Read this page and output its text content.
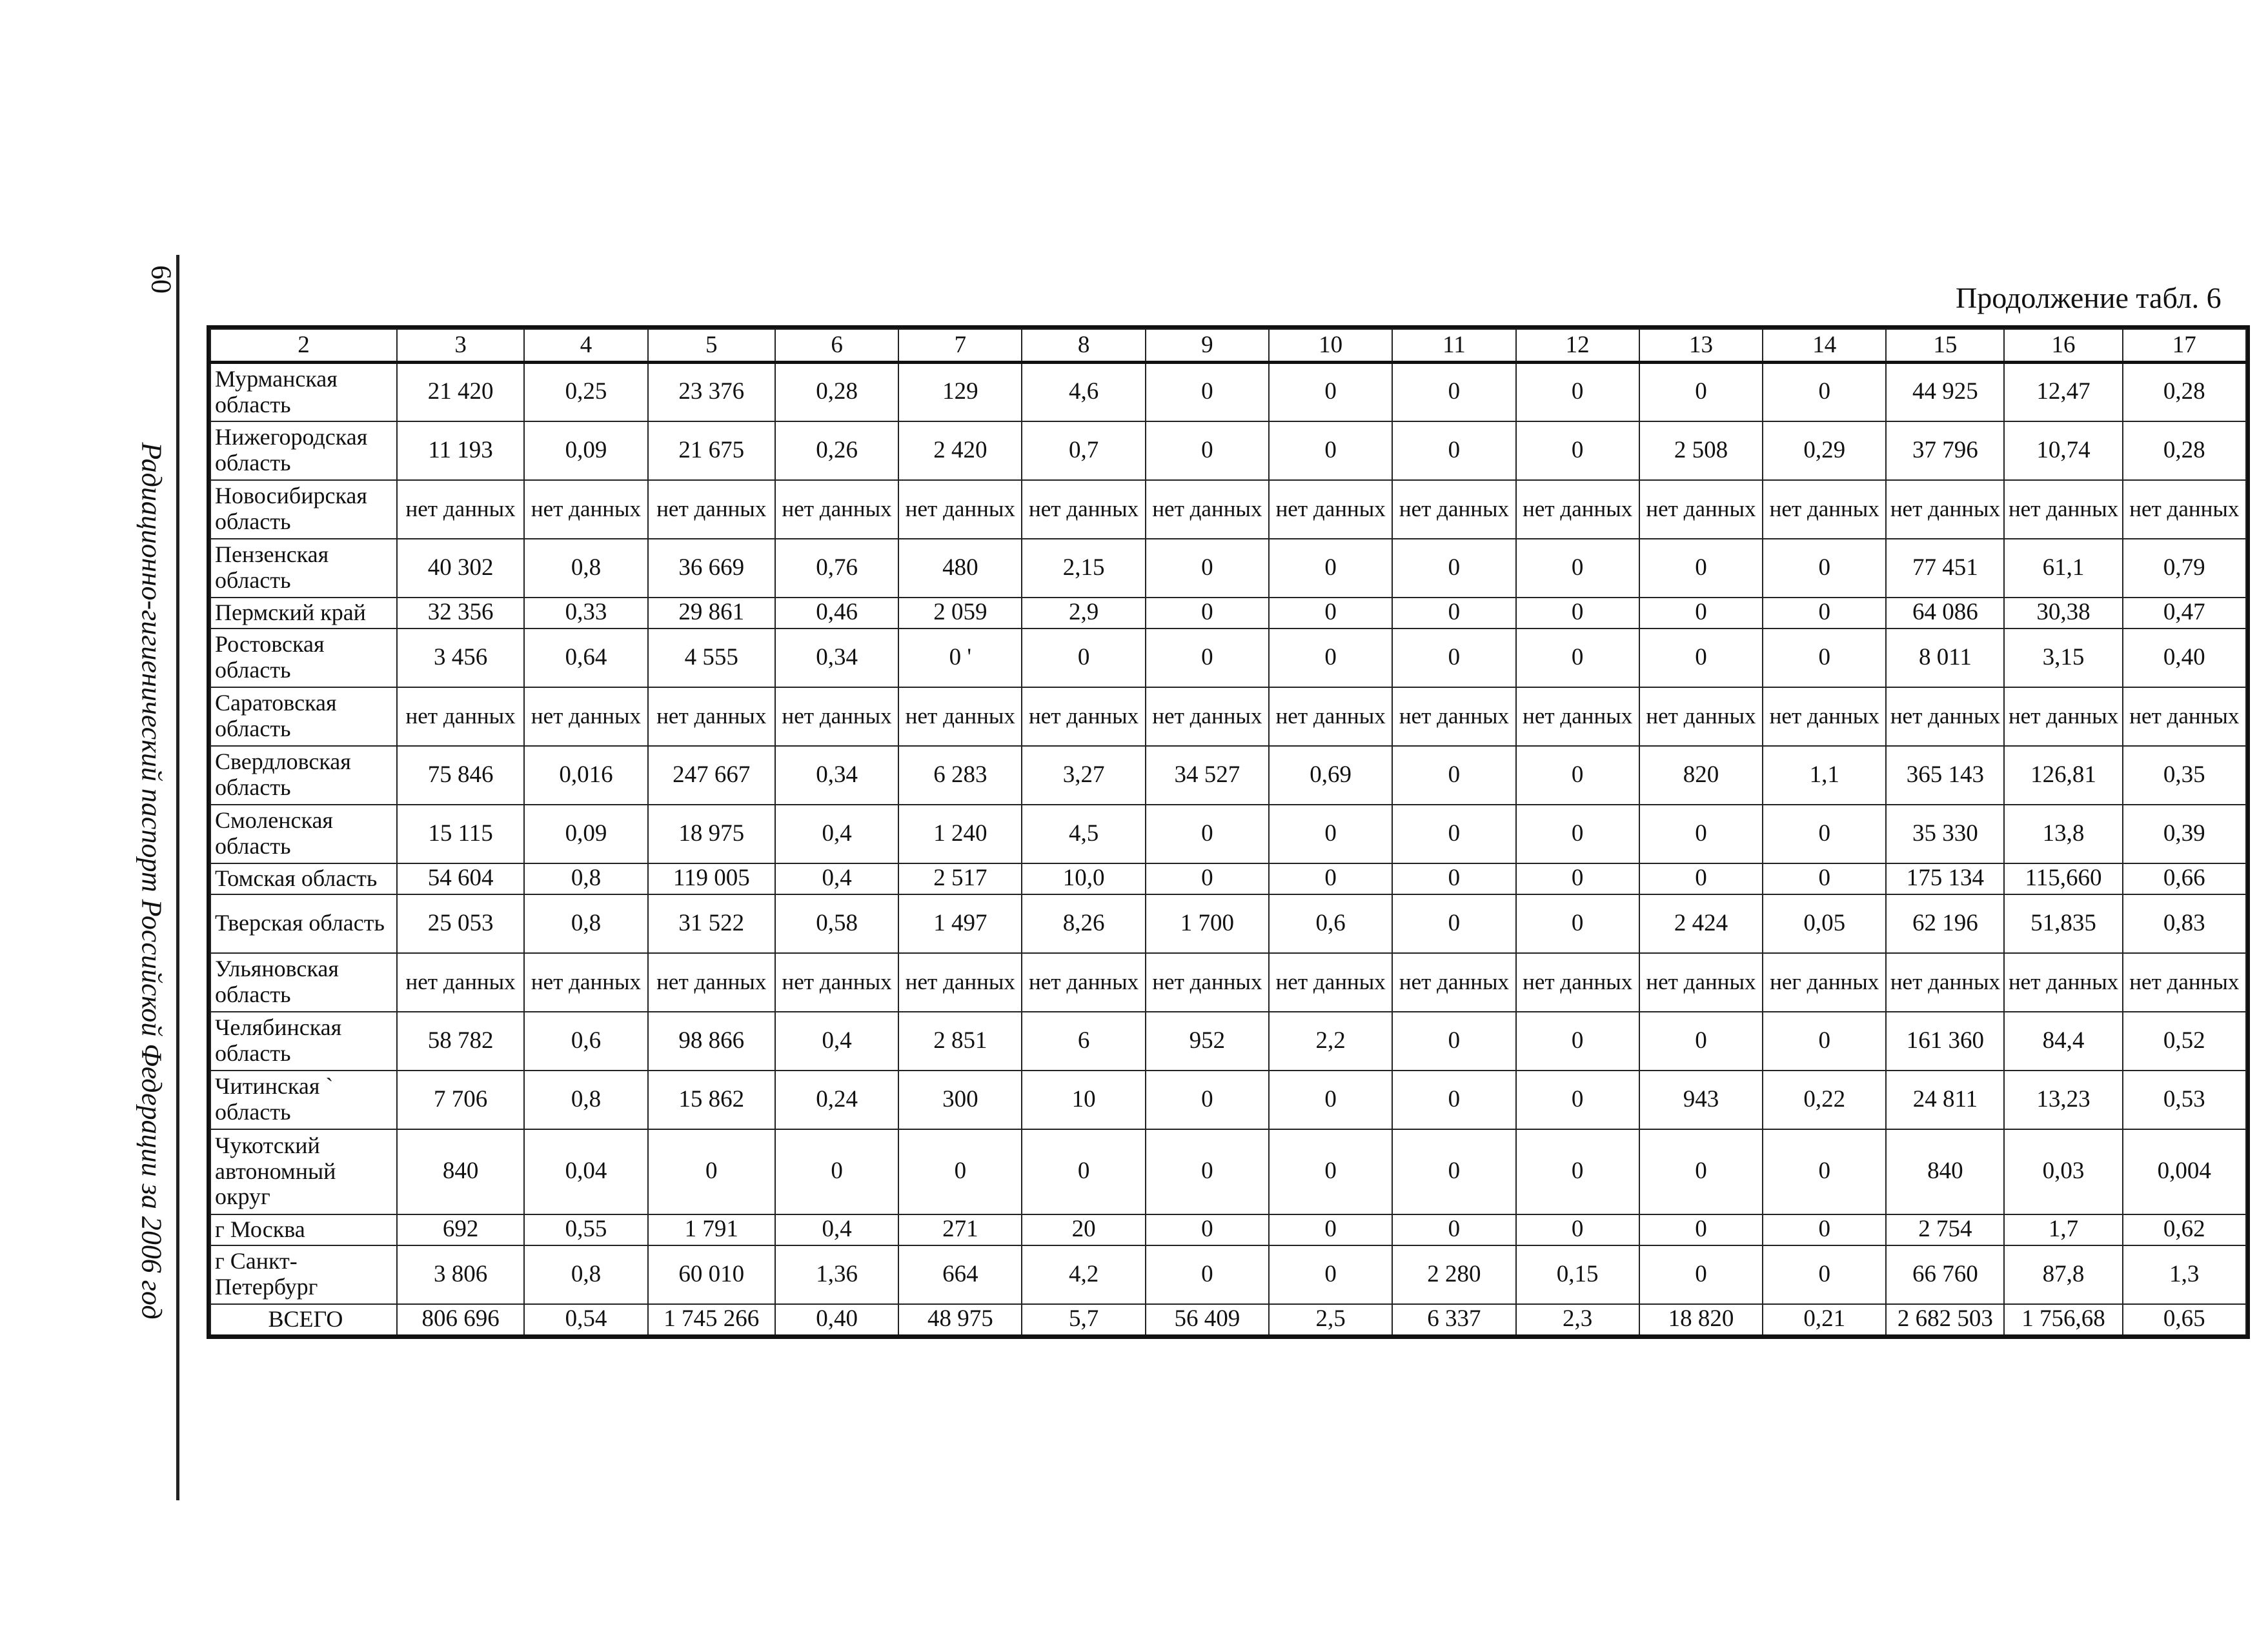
60
Радиационно-гигиенический паспорт Российской Федерации за 2006 год
Продолжение табл. 6
2	3	4	5	6	7	8	9	10	11	12	13	14	15	16	17
Мурманская область	21 420	0,25	23 376	0,28	129	4,6	0	0	0	0	0	0	44 925	12,47	0,28
Нижегородская область	11 193	0,09	21 675	0,26	2 420	0,7	0	0	0	0	2 508	0,29	37 796	10,74	0,28
Новосибирская область	нет данных	нет данных	нет данных	нет данных	нет данных	нет данных	нет данных	нет данных	нет данных	нет данных	нет данных	нет данных	нет данных	нет данных	нет данных
Пензенская область	40 302	0,8	36 669	0,76	480	2,15	0	0	0	0	0	0	77 451	61,1	0,79
Пермский край	32 356	0,33	29 861	0,46	2 059	2,9	0	0	0	0	0	0	64 086	30,38	0,47
Ростовская область	3 456	0,64	4 555	0,34	0 '	0	0	0	0	0	0	0	8 011	3,15	0,40
Саратовская область	нет данных	нет данных	нет данных	нет данных	нет данных	нет данных	нет данных	нет данных	нет данных	нет данных	нет данных	нет данных	нет данных	нет данных	нет данных
Свердловская область	75 846	0,016	247 667	0,34	6 283	3,27	34 527	0,69	0	0	820	1,1	365 143	126,81	0,35
Смоленская область	15 115	0,09	18 975	0,4	1 240	4,5	0	0	0	0	0	0	35 330	13,8	0,39
Томская область	54 604	0,8	119 005	0,4	2 517	10,0	0	0	0	0	0	0	175 134	115,660	0,66
Тверская область	25 053	0,8	31 522	0,58	1 497	8,26	1 700	0,6	0	0	2 424	0,05	62 196	51,835	0,83
Ульяновская область	нет данных	нет данных	нет данных	нет данных	нет данных	нет данных	нет данных	нет данных	нет данных	нет данных	нет данных	нег данных	нет данных	нет данных	нет данных
Челябинская область	58 782	0,6	98 866	0,4	2 851	6	952	2,2	0	0	0	0	161 360	84,4	0,52
Читинская ` область	7 706	0,8	15 862	0,24	300	10	0	0	0	0	943	0,22	24 811	13,23	0,53
Чукотский автономный округ	840	0,04	0	0	0	0	0	0	0	0	0	0	840	0,03	0,004
г Москва	692	0,55	1 791	0,4	271	20	0	0	0	0	0	0	2 754	1,7	0,62
г Санкт-Петербург	3 806	0,8	60 010	1,36	664	4,2	0	0	2 280	0,15	0	0	66 760	87,8	1,3
ВСЕГО	806 696	0,54	1 745 266	0,40	48 975	5,7	56 409	2,5	6 337	2,3	18 820	0,21	2 682 503	1 756,68	0,65
